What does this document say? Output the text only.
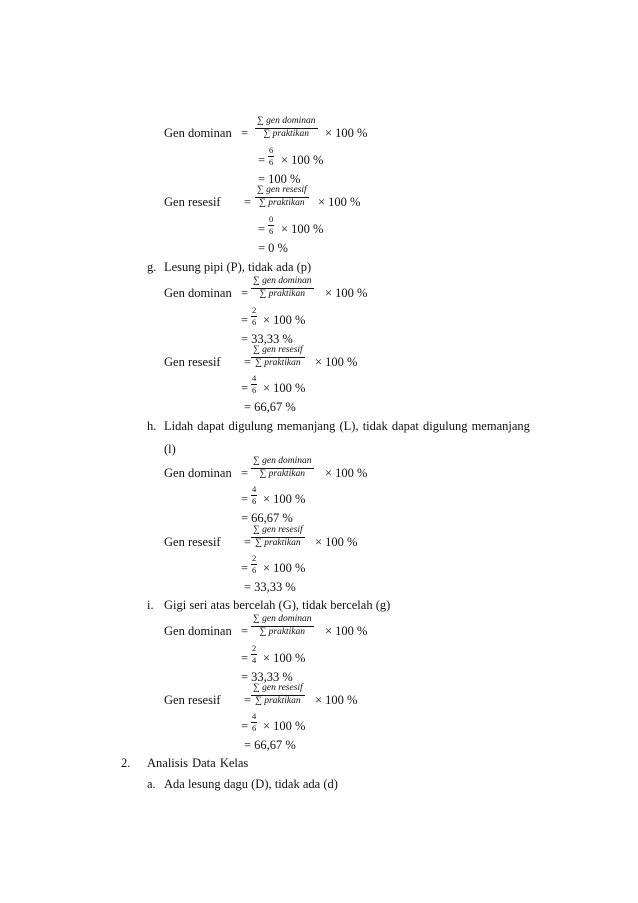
Gen dominan =
∑ gen dominan
∑ praktikan	× 100 %
= $\frac{6}{6} \times 100$ %
= 100 %
Gen resesif =
∑ gen resesif
∑ praktikan	× 100 %
= $\frac{0}{6} \times 100$ %
= 0 %
g. Lesung pipi (P), tidak ada (p)
Gen dominan =
∑ gen dominan
∑ praktikan	× 100 %
= $\frac{2}{6} \times 100$ %
= 33,33 %
Gen resesif =
∑ gen resesif
∑ praktikan	× 100 %
= $\frac{4}{6} \times 100$ %
= 66,67 %
h. Lidah dapat digulung memanjang (L), tidak dapat digulung memanjang
(l)
Gen dominan =
∑ gen dominan
∑ praktikan	× 100 %
= $\frac{4}{6} \times 100$ %
= 66,67 %
Gen resesif =
∑ gen resesif
∑ praktikan	× 100 %
= $\frac{2}{6} \times 100$ %
= 33,33 %
i. Gigi seri atas bercelah (G), tidak bercelah (g)
Gen dominan =
∑ gen dominan
∑ praktikan	× 100 %
= $\frac{2}{4} \times 100$ %
= 33,33 %
Gen resesif =
∑ gen resesif
∑ praktikan	× 100 %
= $\frac{4}{6} \times 100$ %
= 66,67 %
2. Analisis Data Kelas
a. Ada lesung dagu (D), tidak ada (d)
